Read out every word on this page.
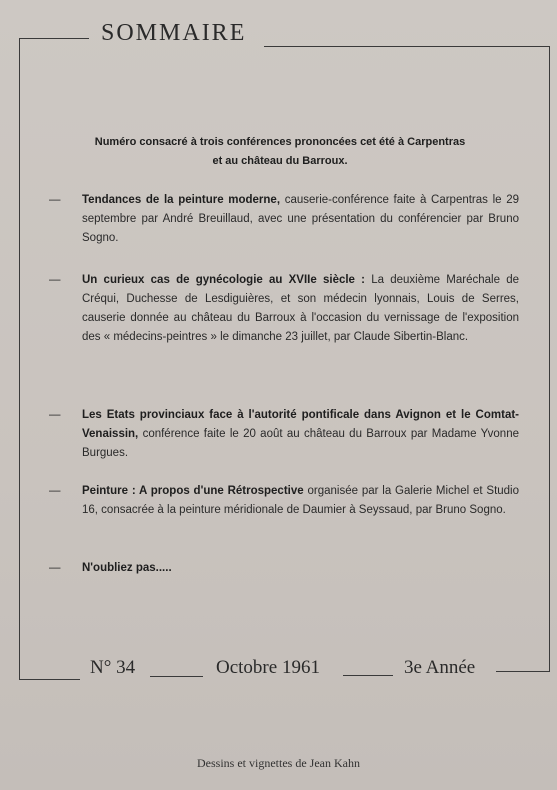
SOMMAIRE
Numéro consacré à trois conférences prononcées cet été à Carpentras
et au château du Barroux.
—	Tendances de la peinture moderne, causerie-conférence faite à Carpentras le 29 septembre par André Breuillaud, avec une présentation du conférencier par Bruno Sogno.
—	Un curieux cas de gynécologie au XVIIe siècle : La deuxième Maréchale de Créqui, Duchesse de Lesdiguières, et son médecin lyonnais, Louis de Serres, causerie donnée au château du Barroux à l'occasion du vernissage de l'exposition des « médecins-peintres » le dimanche 23 juillet, par Claude Sibertin-Blanc.
—	Les Etats provinciaux face à l'autorité pontificale dans Avignon et le Comtat-Venaissin, conférence faite le 20 août au château du Barroux par Madame Yvonne Burgues.
—	Peinture : A propos d'une Rétrospective organisée par la Galerie Michel et Studio 16, consacrée à la peinture méridionale de Daumier à Seyssaud, par Bruno Sogno.
—	N'oubliez pas.....
N° 34	Octobre 1961	3e Année
Dessins et vignettes de Jean Kahn
